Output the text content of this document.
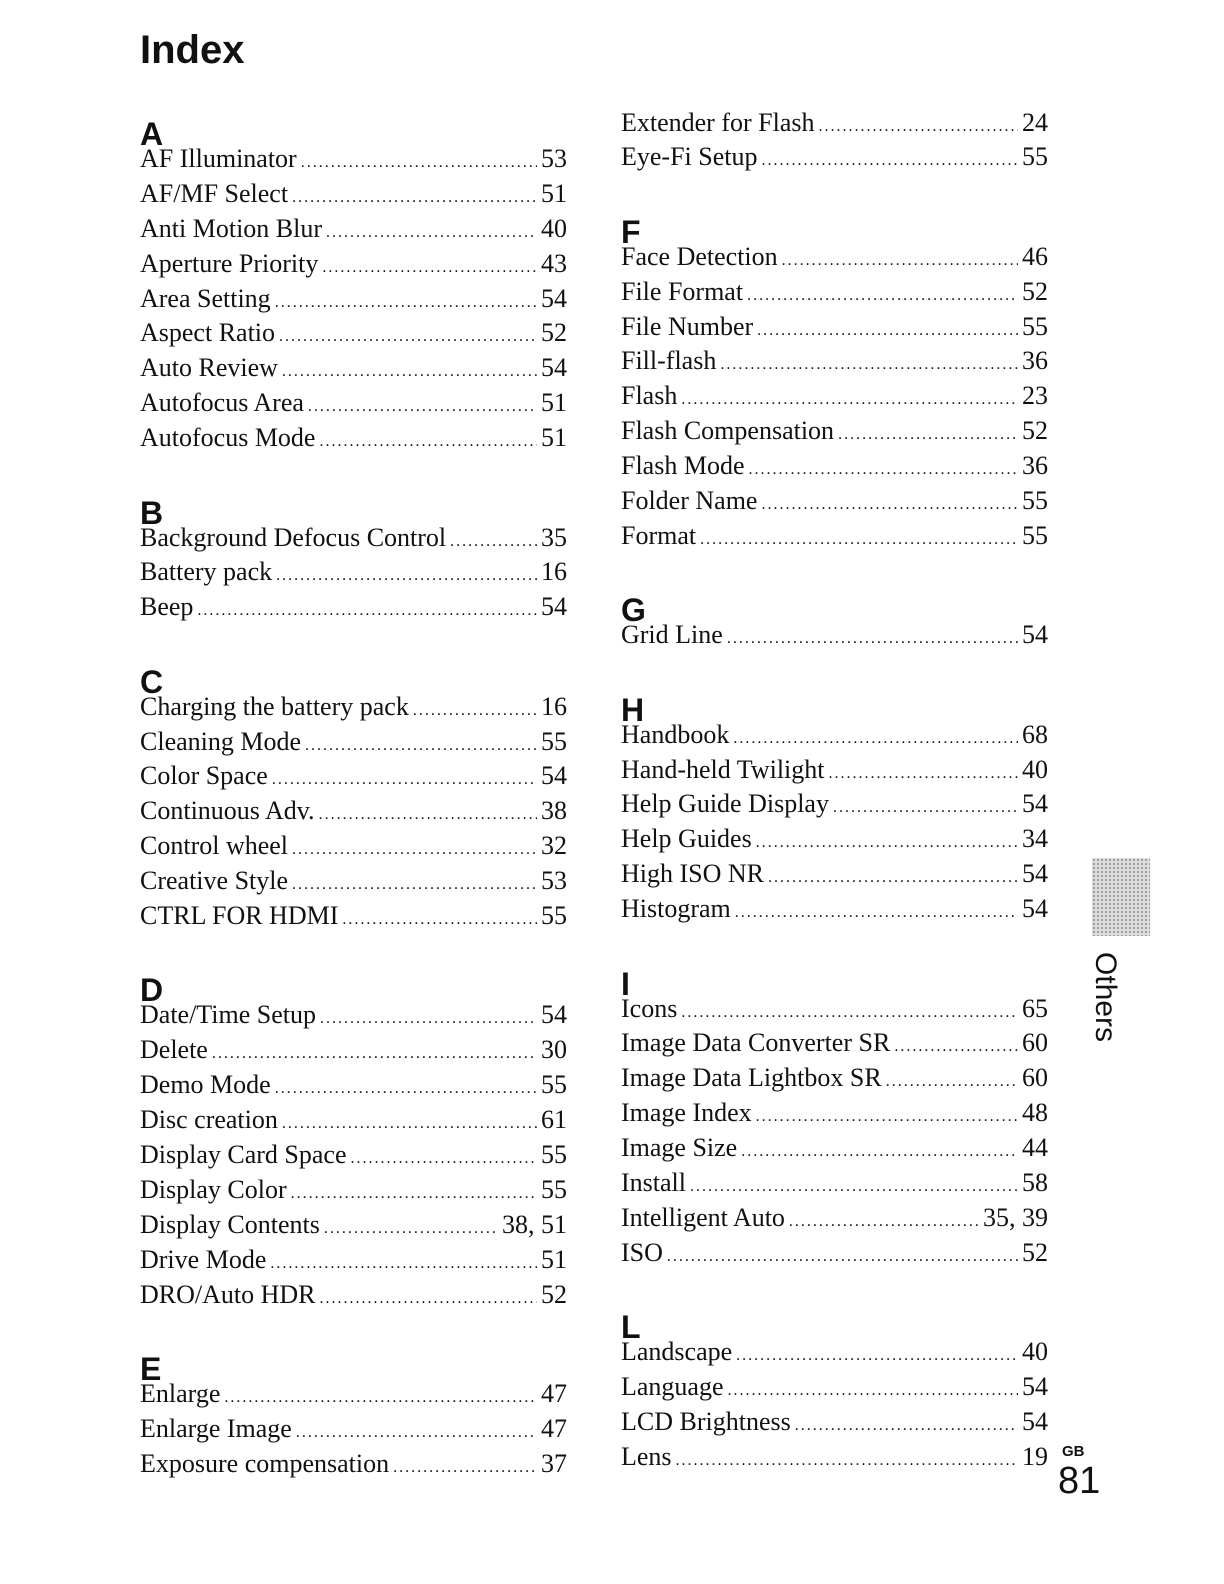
Index
A
AF Illuminator . . .	53
AF/MF Select . . .	51
Anti Motion Blur . . .	40
Aperture Priority . . .	43
Area Setting . . .	54
Aspect Ratio . . .	52
Auto Review . . .	54
Autofocus Area . . .	51
Autofocus Mode . . .	51
B
Background Defocus Control . . .	35
Battery pack . . .	16
Beep . . .	54
C
Charging the battery pack . . .	16
Cleaning Mode . . .	55
Color Space . . .	54
Continuous Adv. . . .	38
Control wheel . . .	32
Creative Style . . .	53
CTRL FOR HDMI . . .	55
D
Date/Time Setup . . .	54
Delete . . .	30
Demo Mode . . .	55
Disc creation . . .	61
Display Card Space . . .	55
Display Color . . .	55
Display Contents . . .	38, 51
Drive Mode . . .	51
DRO/Auto HDR . . .	52
E
Enlarge . . .	47
Enlarge Image . . .	47
Exposure compensation . . .	37
Extender for Flash . . .	24
Eye-Fi Setup . . .	55
F
Face Detection . . .	46
File Format . . .	52
File Number . . .	55
Fill-flash . . .	36
Flash . . .	23
Flash Compensation . . .	52
Flash Mode . . .	36
Folder Name . . .	55
Format . . .	55
G
Grid Line . . .	54
H
Handbook . . .	68
Hand-held Twilight . . .	40
Help Guide Display . . .	54
Help Guides . . .	34
High ISO NR . . .	54
Histogram . . .	54
I
Icons . . .	65
Image Data Converter SR . . .	60
Image Data Lightbox SR . . .	60
Image Index . . .	48
Image Size . . .	44
Install . . .	58
Intelligent Auto . . .	35, 39
ISO . . .	52
L
Landscape . . .	40
Language . . .	54
LCD Brightness . . .	54
Lens . . .	19
Others
GB
81
